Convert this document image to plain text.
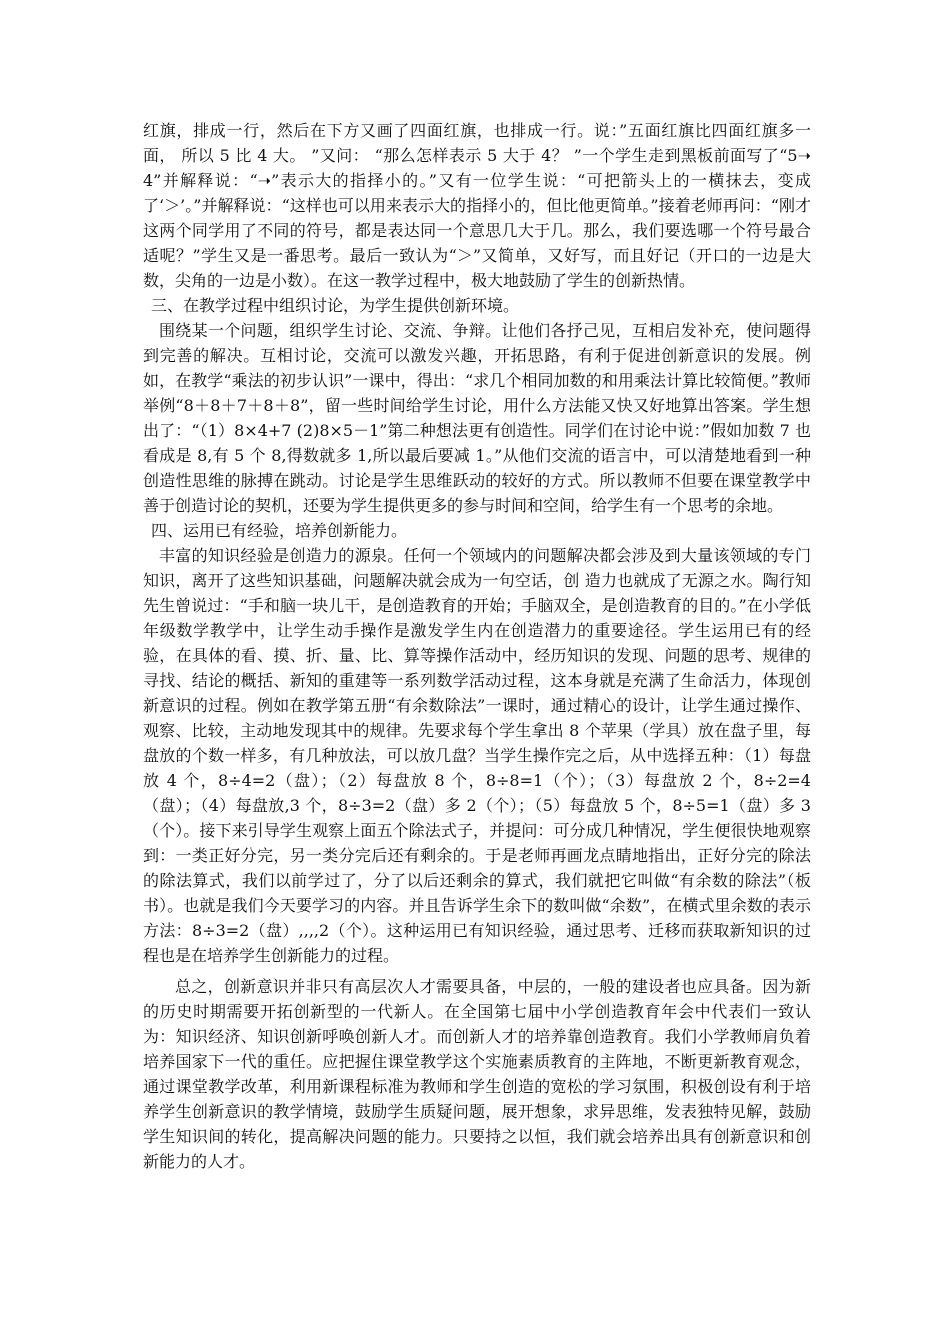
红旗，排成一行，然后在下方又画了四面红旗，也排成一行。说：”五面红旗比四面红旗多一面， 所以 5 比 4 大。 ”又问： “那么怎样表示 5 大于 4？ ”一个学生走到黑板前面写了“5➝4”并解释说：“➝”表示大的指择小的。”又有一位学生说：“可把箭头上的一横抹去，变成了‘＞’。”并解释说：“这样也可以用来表示大的指择小的，但比他更简单。”接着老师再问：“刚才这两个同学用了不同的符号，都是表达同一个意思几大于几。那么，我们要选哪一个符号最合适呢？”学生又是一番思考。最后一致认为“＞”又简单，又好写，而且好记（开口的一边是大数，尖角的一边是小数）。在这一教学过程中，极大地鼓励了学生的创新热情。

三、在教学过程中组织讨论，为学生提供创新环境。

围绕某一个问题，组织学生讨论、交流、争辩。让他们各抒己见，互相启发补充，使问题得到完善的解决。互相讨论，交流可以激发兴趣，开拓思路，有利于促进创新意识的发展。例如，在教学“乘法的初步认识”一课中，得出：“求几个相同加数的和用乘法计算比较简便。”教师举例“8＋8＋7＋8＋8”，留一些时间给学生讨论，用什么方法能又快又好地算出答案。学生想出了：“（1）8×4+7 (2)8×5－1”第二种想法更有创造性。同学们在讨论中说：”假如加数 7 也看成是 8,有 5 个 8,得数就多 1,所以最后要减 1。”从他们交流的语言中，可以清楚地看到一种创造性思维的脉搏在跳动。讨论是学生思维跃动的较好的方式。所以教师不但要在课堂教学中善于创造讨论的契机，还要为学生提供更多的参与时间和空间，给学生有一个思考的余地。

四、运用已有经验，培养创新能力。

丰富的知识经验是创造力的源泉。任何一个领域内的问题解决都会涉及到大量该领域的专门知识，离开了这些知识基础，问题解决就会成为一句空话，创 造力也就成了无源之水。陶行知先生曾说过：“手和脑一块儿干，是创造教育的开始；手脑双全，是创造教育的目的。”在小学低年级数学教学中，让学生动手操作是激发学生内在创造潜力的重要途径。学生运用已有的经验，在具体的看、摸、折、量、比、算等操作活动中，经历知识的发现、问题的思考、规律的寻找、结论的概括、新知的重建等一系列数学活动过程，这本身就是充满了生命活力，体现创新意识的过程。例如在教学第五册“有余数除法”一课时，通过精心的设计，让学生通过操作、观察、比较，主动地发现其中的规律。先要求每个学生拿出 8 个苹果（学具）放在盘子里，每盘放的个数一样多，有几种放法，可以放几盘？当学生操作完之后，从中选择五种：（1）每盘放 4 个，8÷4=2（盘）；（2）每盘放 8 个，8÷8=1（个）；（3）每盘放 2 个，8÷2=4（盘）；（4）每盘放,3 个，8÷3=2（盘）多 2（个）；（5）每盘放 5 个，8÷5=1（盘）多 3（个）。接下来引导学生观察上面五个除法式子，并提问：可分成几种情况，学生便很快地观察到：一类正好分完，另一类分完后还有剩余的。于是老师再画龙点睛地指出，正好分完的除法的除法算式，我们以前学过了，分了以后还剩余的算式，我们就把它叫做“有余数的除法”（板书）。也就是我们今天要学习的内容。并且告诉学生余下的数叫做“余数”，在横式里余数的表示方法：8÷3=2（盘）,,,,2（个）。这种运用已有知识经验，通过思考、迁移而获取新知识的过程也是在培养学生创新能力的过程。

总之，创新意识并非只有高层次人才需要具备，中层的，一般的建设者也应具备。因为新的历史时期需要开拓创新型的一代新人。在全国第七届中小学创造教育年会中代表们一致认为：知识经济、知识创新呼唤创新人才。而创新人才的培养靠创造教育。我们小学教师肩负着培养国家下一代的重任。应把握住课堂教学这个实施素质教育的主阵地，不断更新教育观念，通过课堂教学改革，利用新课程标准为教师和学生创造的宽松的学习氛围，积极创设有利于培养学生创新意识的教学情境，鼓励学生质疑问题，展开想象，求异思维，发表独特见解，鼓励学生知识间的转化，提高解决问题的能力。只要持之以恒，我们就会培养出具有创新意识和创新能力的人才。
